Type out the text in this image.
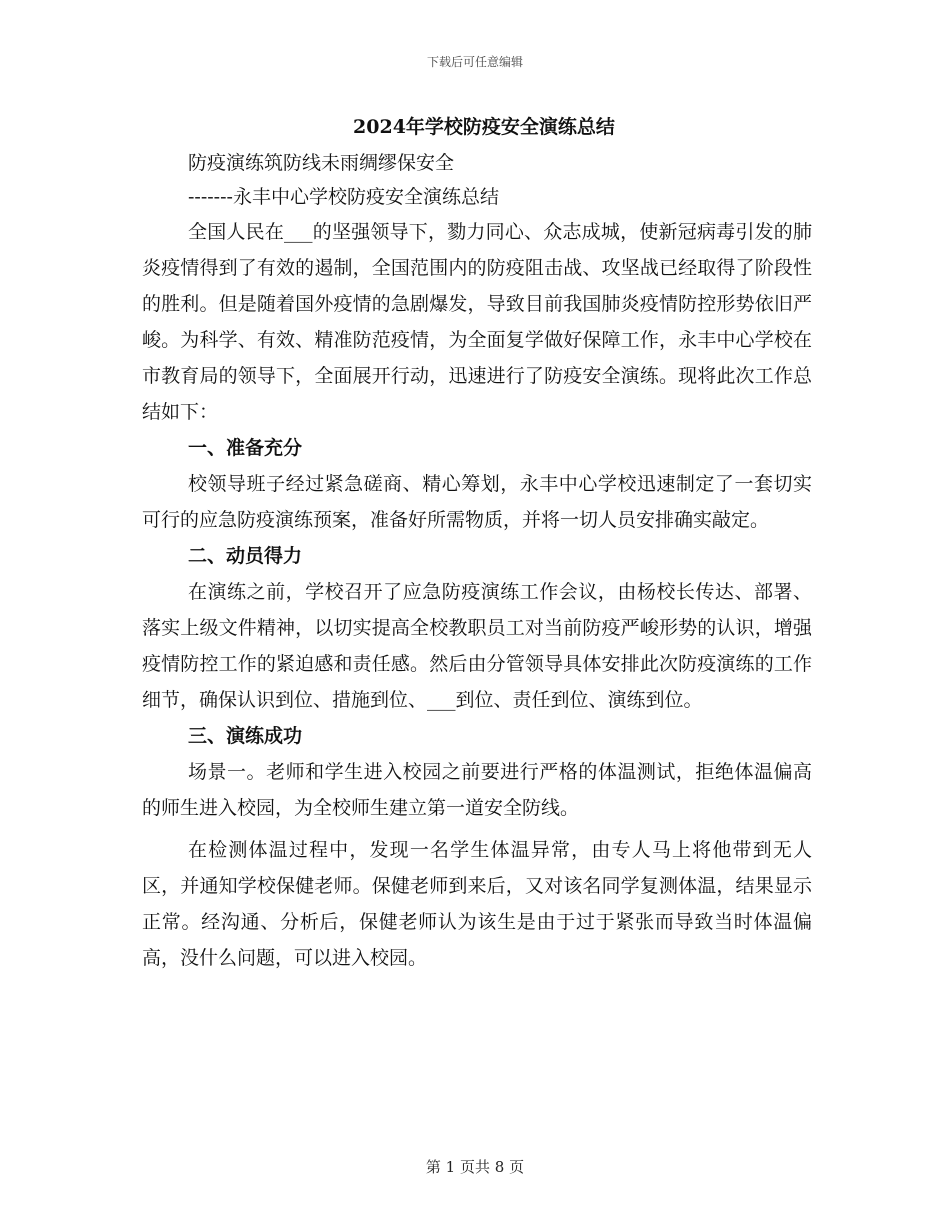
下载后可任意编辑
2024年学校防疫安全演练总结
防疫演练筑防线未雨绸缪保安全
-------永丰中心学校防疫安全演练总结

全国人民在___的坚强领导下，勠力同心、众志成城，使新冠病毒引发的肺炎疫情得到了有效的遏制，全国范围内的防疫阻击战、攻坚战已经取得了阶段性的胜利。但是随着国外疫情的急剧爆发，导致目前我国肺炎疫情防控形势依旧严峻。为科学、有效、精准防范疫情，为全面复学做好保障工作，永丰中心学校在市教育局的领导下，全面展开行动，迅速进行了防疫安全演练。现将此次工作总结如下：

一、准备充分

校领导班子经过紧急磋商、精心筹划，永丰中心学校迅速制定了一套切实可行的应急防疫演练预案，准备好所需物质，并将一切人员安排确实敲定。

二、动员得力

在演练之前，学校召开了应急防疫演练工作会议，由杨校长传达、部署、落实上级文件精神，以切实提高全校教职员工对当前防疫严峻形势的认识，增强疫情防控工作的紧迫感和责任感。然后由分管领导具体安排此次防疫演练的工作细节，确保认识到位、措施到位、___到位、责任到位、演练到位。

三、演练成功

场景一。老师和学生进入校园之前要进行严格的体温测试，拒绝体温偏高的师生进入校园，为全校师生建立第一道安全防线。

在检测体温过程中，发现一名学生体温异常，由专人马上将他带到无人区，并通知学校保健老师。保健老师到来后，又对该名同学复测体温，结果显示正常。经沟通、分析后，保健老师认为该生是由于过于紧张而导致当时体温偏高，没什么问题，可以进入校园。

第 1 页共 8 页
